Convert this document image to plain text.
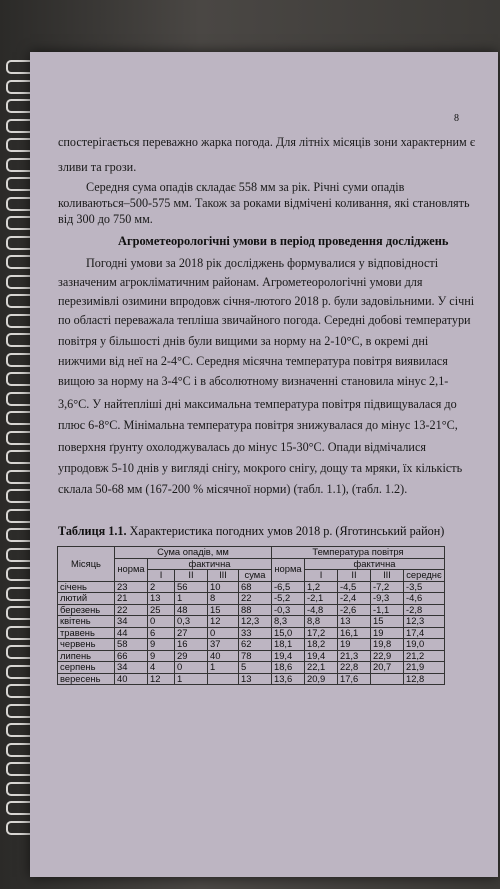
8
спостерігається переважно жарка погода. Для літніх місяців зони характерним є
зливи та грози.
Середня сума опадів складає 558 мм за рік. Річні суми опадів
коливаються–500-575 мм. Також за роками відмічені коливання, які становлять
від 300 до 750 мм.
Агрометеорологічні умови в період проведення досліджень
Погодні умови за 2018 рік досліджень формувалися у відповідності
зазначеним агрокліматичним районам. Агрометеорологічні умови для
перезимівлі озимини впродовж січня-лютого 2018 р. були задовільними. У січні
по області переважала тепліша звичайного погода. Середні добові температури
повітря у більшості днів були вищими за норму на 2-10°С, в окремі дні
нижчими від неї на 2-4°С. Середня місячна температура повітря виявилася
вищою за норму на 3-4°С і в абсолютному визначенні становила мінус 2,1-
3,6°С. У найтепліші дні максимальна температура повітря підвищувалася до
плюс 6-8°С. Мінімальна температура повітря знижувалася до мінус 13-21°С,
поверхня ґрунту охолоджувалась до мінус 15-30°С. Опади відмічалися
упродовж 5-10 днів у вигляді снігу, мокрого снігу, дощу та мряки, їх кількість
склала 50-68 мм (167-200 % місячної норми) (табл. 1.1), (табл. 1.2).
Таблиця 1.1. Характеристика погодних умов 2018 р. (Яготинський район)
Місяць	Сума опадів, мм					Температура повітря				
	норма	фактична				норма	фактична			
		I	II	III	сума		I	II	III	середнє
січень	23	2	56	10	68	-6,5	1,2	-4,5	-7,2	-3,5
лютий	21	13	1	8	22	-5,2	-2,1	-2,4	-9,3	-4,6
березень	22	25	48	15	88	-0,3	-4,8	-2,6	-1,1	-2,8
квітень	34	0	0,3	12	12,3	8,3	8,8	13	15	12,3
травень	44	6	27	0	33	15,0	17,2	16,1	19	17,4
червень	58	9	16	37	62	18,1	18,2	19	19,8	19,0
липень	66	9	29	40	78	19,4	19,4	21,3	22,9	21,2
серпень	34	4	0	1	5	18,6	22,1	22,8	20,7	21,9
вересень	40	12	1		13	13,6	20,9	17,6		12,8
